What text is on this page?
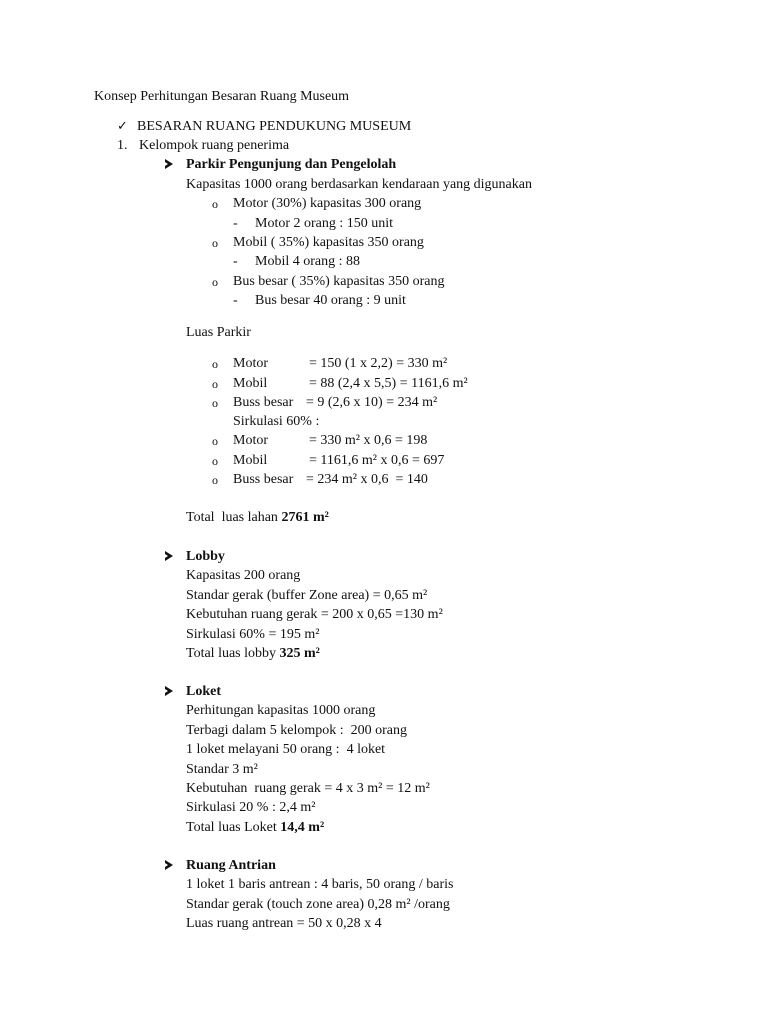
Konsep Perhitungan Besaran Ruang Museum
✓ BESARAN RUANG PENDUKUNG MUSEUM
1. Kelompok ruang penerima
Parkir Pengunjung dan Pengelolah
Kapasitas 1000 orang berdasarkan kendaraan yang digunakan
o Motor (30%) kapasitas 300 orang
- Motor 2 orang : 150 unit
o Mobil ( 35%) kapasitas 350 orang
- Mobil 4 orang : 88
o Bus besar ( 35%) kapasitas 350 orang
- Bus besar 40 orang : 9 unit
Luas Parkir
o Motor	= 150 (1 x 2,2) = 330 m²
o Mobil	= 88 (2,4 x 5,5) = 1161,6 m²
o Buss besar = 9 (2,6 x 10) = 234 m²
Sirkulasi 60% :
o Motor	= 330 m² x 0,6 = 198
o Mobil	= 1161,6 m² x 0,6 = 697
o Buss besar = 234 m² x 0,6  = 140
Total  luas lahan 2761 m²
Lobby
Kapasitas 200 orang
Standar gerak (buffer Zone area) = 0,65 m²
Kebutuhan ruang gerak = 200 x 0,65 =130 m²
Sirkulasi 60% = 195 m²
Total luas lobby 325 m²
Loket
Perhitungan kapasitas 1000 orang
Terbagi dalam 5 kelompok :  200 orang
1 loket melayani 50 orang :  4 loket
Standar 3 m²
Kebutuhan  ruang gerak = 4 x 3 m² = 12 m²
Sirkulasi 20 % : 2,4 m²
Total luas Loket 14,4 m²
Ruang Antrian
1 loket 1 baris antrean : 4 baris, 50 orang / baris
Standar gerak (touch zone area) 0,28 m² /orang
Luas ruang antrean = 50 x 0,28 x 4
